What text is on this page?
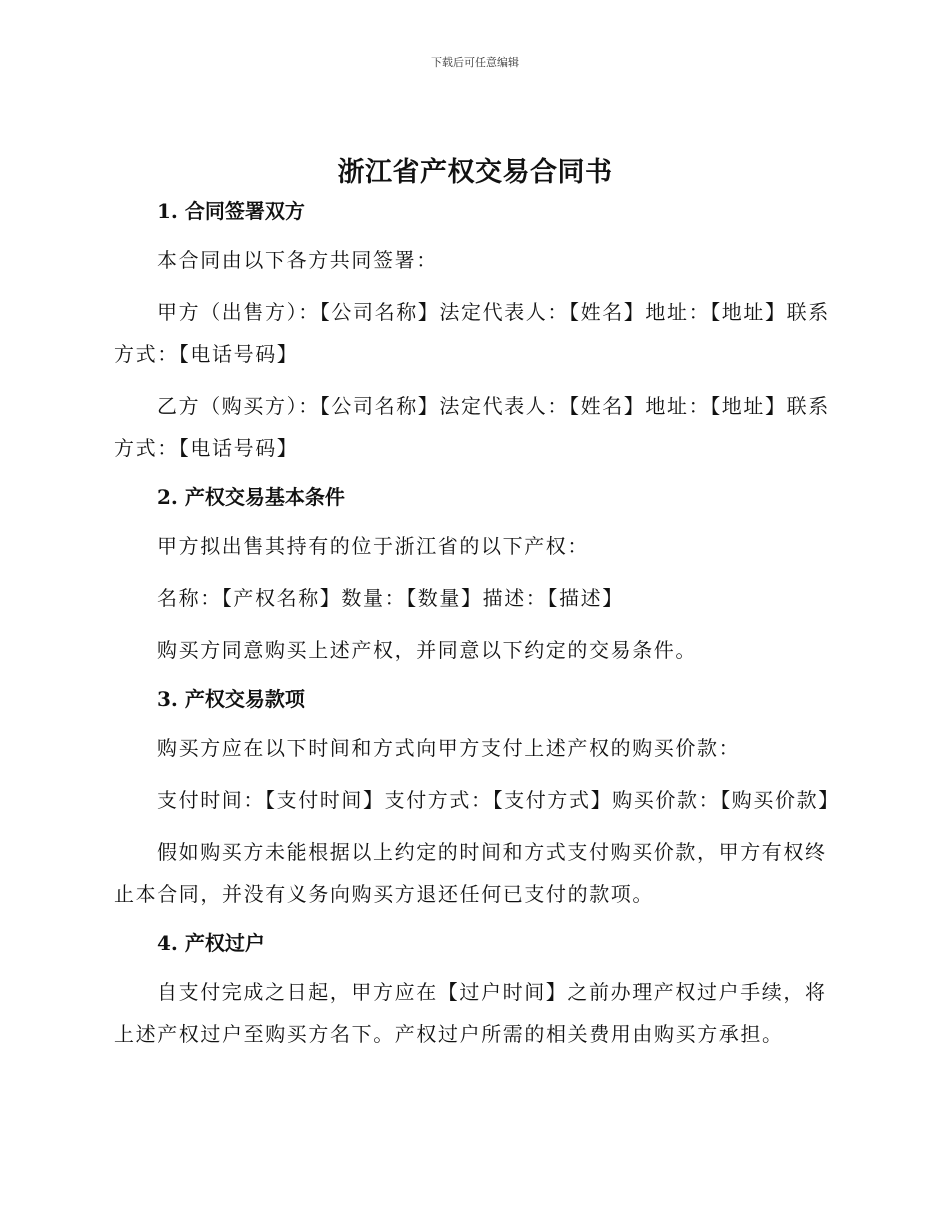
下载后可任意编辑
浙江省产权交易合同书

1. 合同签署双方

本合同由以下各方共同签署：

甲方（出售方）：【公司名称】法定代表人：【姓名】地址：【地址】联系方式：【电话号码】

乙方（购买方）：【公司名称】法定代表人：【姓名】地址：【地址】联系方式：【电话号码】

2. 产权交易基本条件

甲方拟出售其持有的位于浙江省的以下产权：

名称：【产权名称】数量：【数量】描述：【描述】

购买方同意购买上述产权，并同意以下约定的交易条件。

3. 产权交易款项

购买方应在以下时间和方式向甲方支付上述产权的购买价款：

支付时间：【支付时间】支付方式：【支付方式】购买价款：【购买价款】

假如购买方未能根据以上约定的时间和方式支付购买价款，甲方有权终止本合同，并没有义务向购买方退还任何已支付的款项。

4. 产权过户

自支付完成之日起，甲方应在【过户时间】之前办理产权过户手续，将上述产权过户至购买方名下。产权过户所需的相关费用由购买方承担。
